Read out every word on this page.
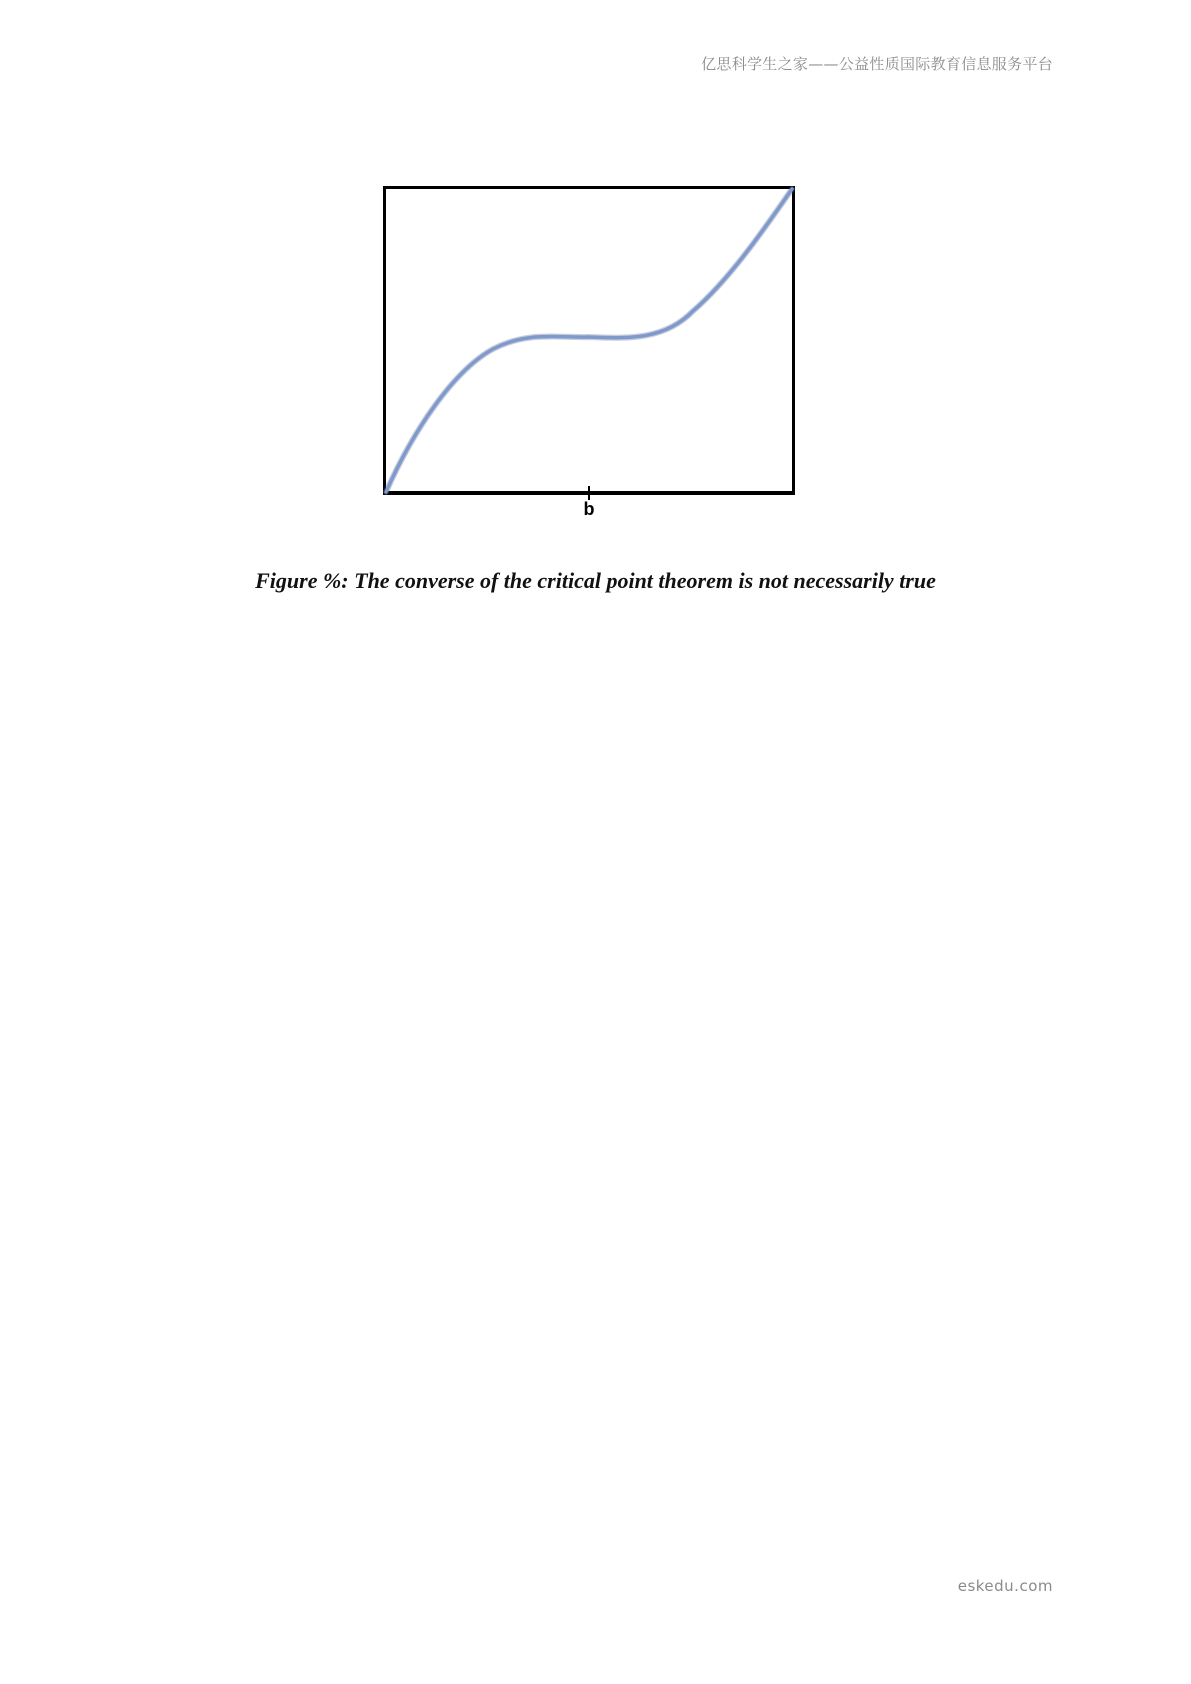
亿思科学生之家——公益性质国际教育信息服务平台
b
Figure %: The converse of the critical point theorem is not necessarily true
eskedu.com
